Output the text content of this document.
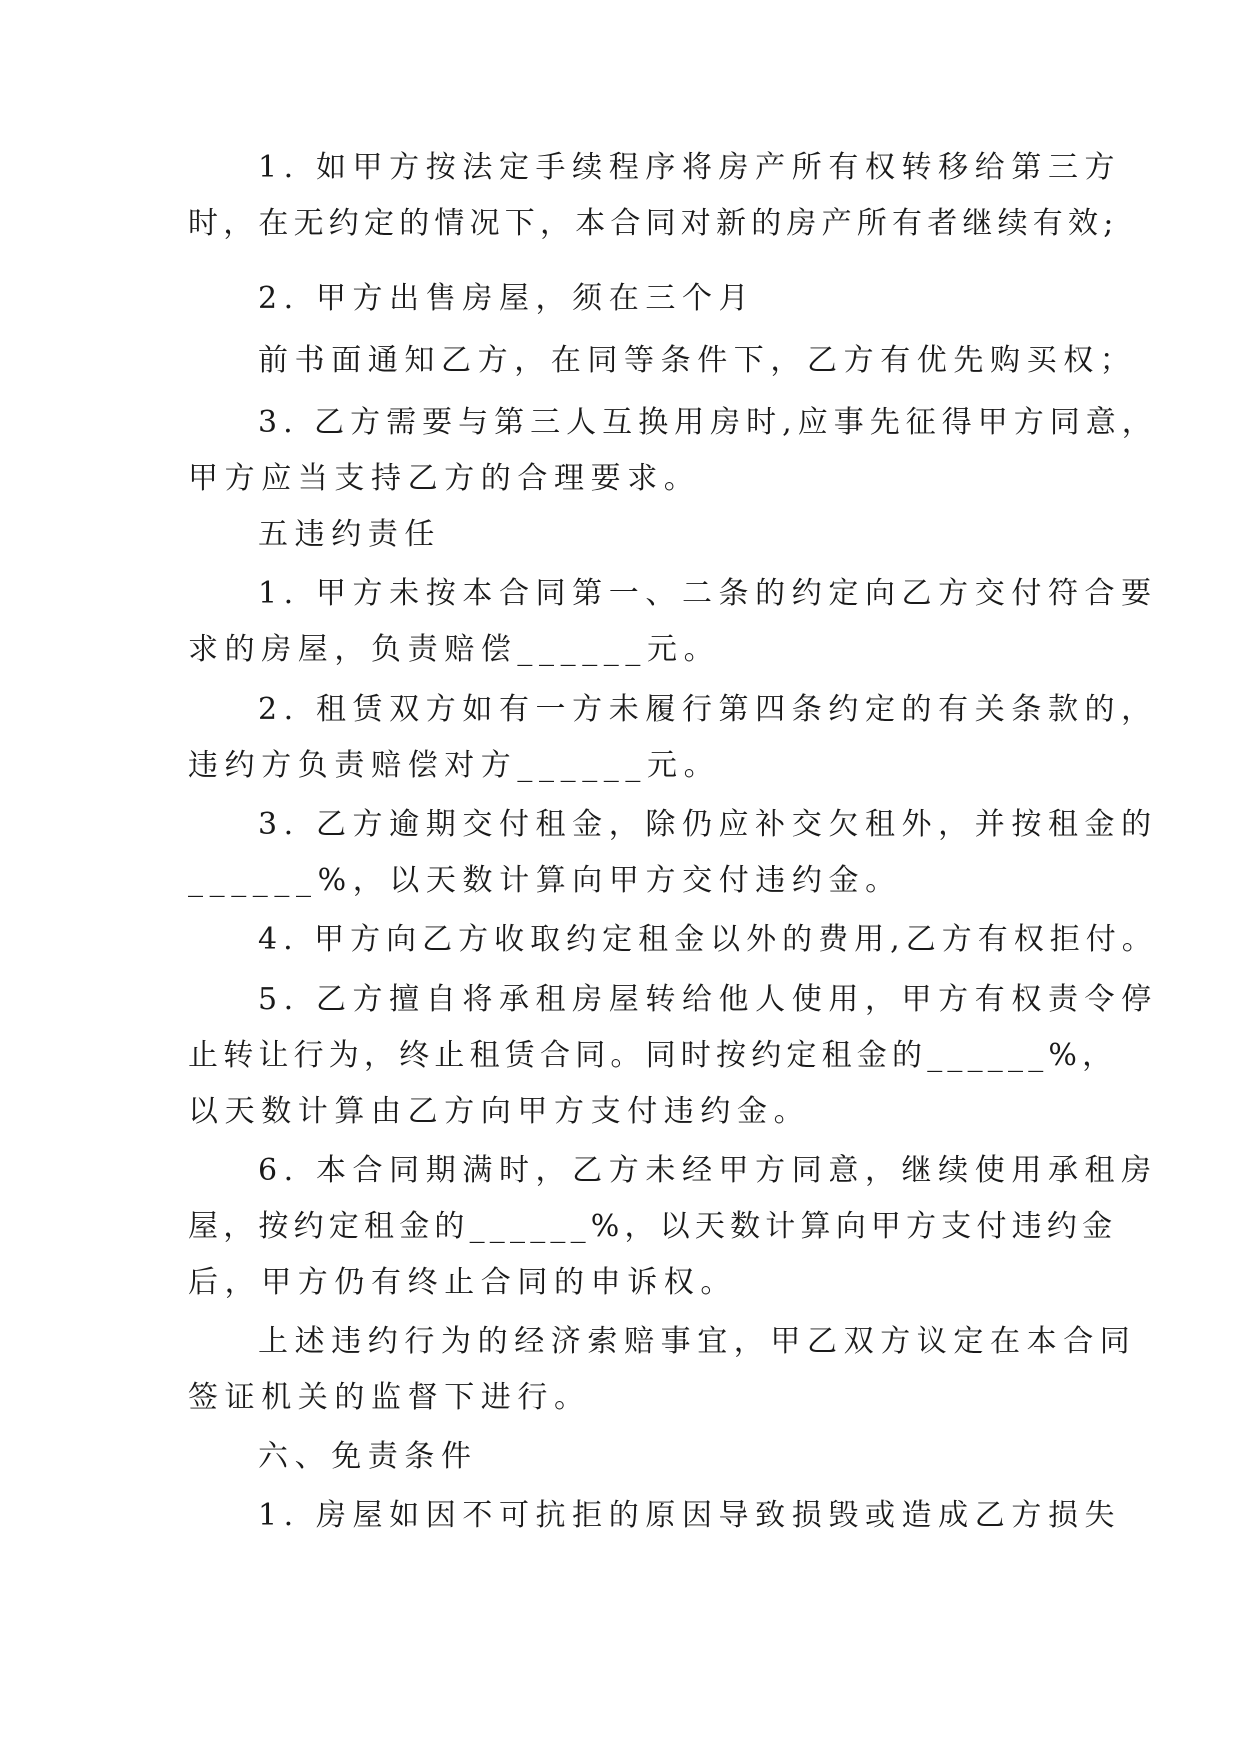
1. 如甲方按法定手续程序将房产所有权转移给第三方
时，在无约定的情况下，本合同对新的房产所有者继续有效;
2. 甲方出售房屋，须在三个月
前书面通知乙方，在同等条件下，乙方有优先购买权；
3. 乙方需要与第三人互换用房时,应事先征得甲方同意，
甲方应当支持乙方的合理要求。
五违约责任
1. 甲方未按本合同第一、二条的约定向乙方交付符合要
求的房屋，负责赔偿______元。
2. 租赁双方如有一方未履行第四条约定的有关条款的，
违约方负责赔偿对方______元。
3. 乙方逾期交付租金，除仍应补交欠租外，并按租金的
______%，以天数计算向甲方交付违约金。
4. 甲方向乙方收取约定租金以外的费用,乙方有权拒付。
5. 乙方擅自将承租房屋转给他人使用，甲方有权责令停
止转让行为，终止租赁合同。同时按约定租金的______%，
以天数计算由乙方向甲方支付违约金。
6. 本合同期满时，乙方未经甲方同意，继续使用承租房
屋，按约定租金的______%，以天数计算向甲方支付违约金
后，甲方仍有终止合同的申诉权。
上述违约行为的经济索赔事宜，甲乙双方议定在本合同
签证机关的监督下进行。
六、免责条件
1. 房屋如因不可抗拒的原因导致损毁或造成乙方损失
